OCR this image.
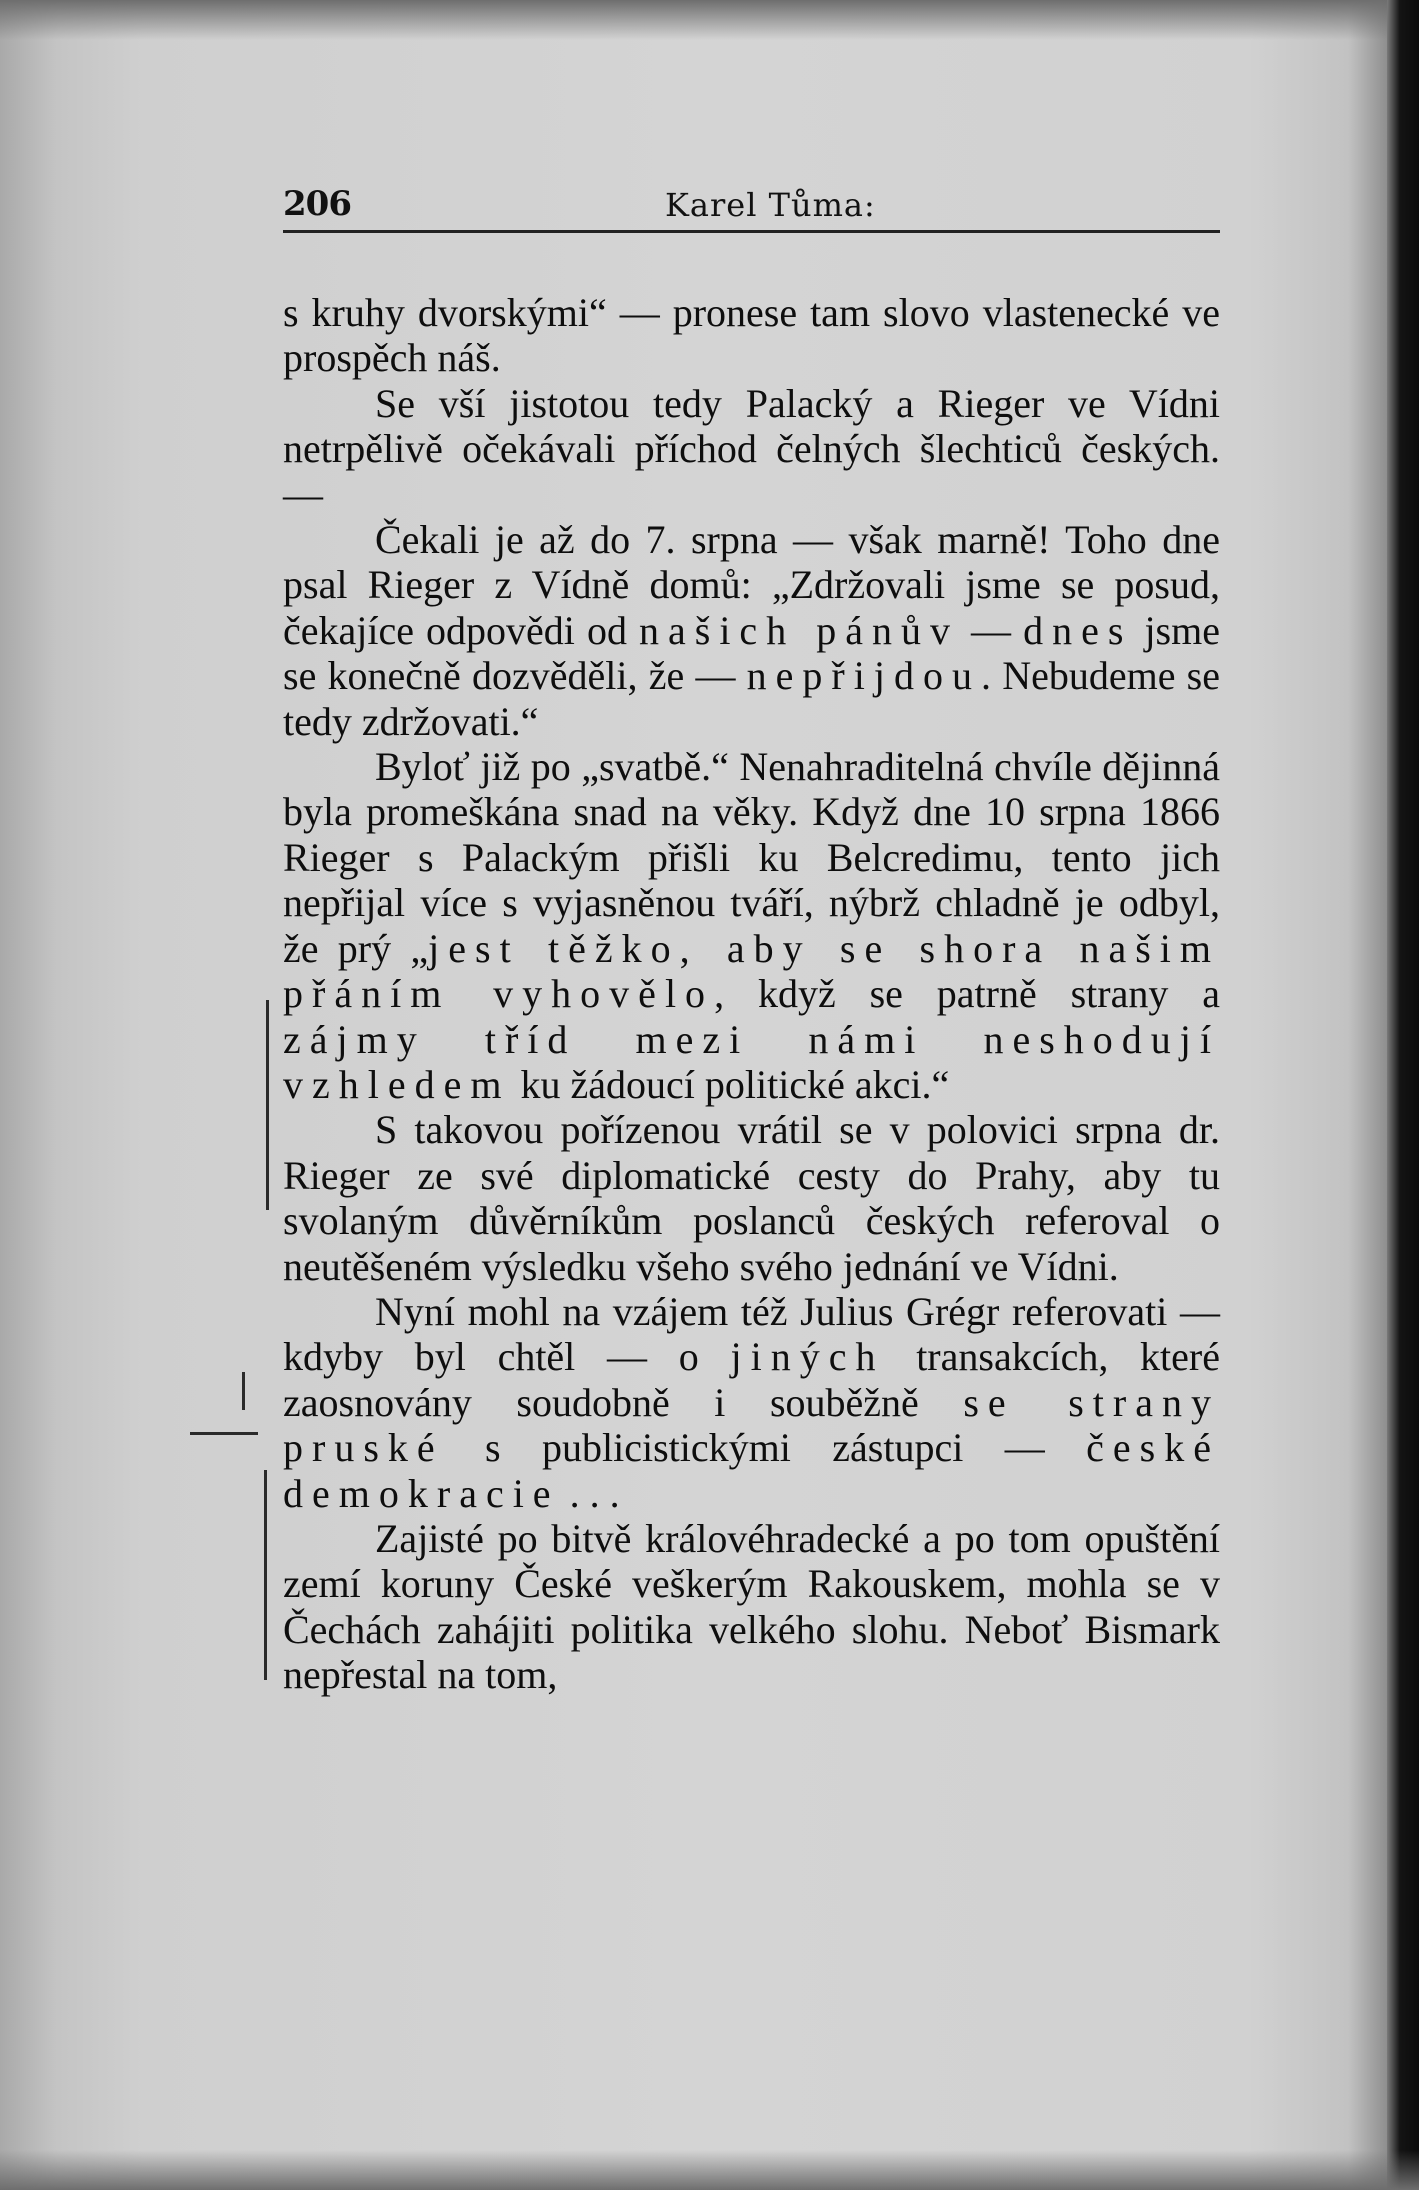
206	Karel Tůma:

s kruhy dvorskými“ — pronese tam slovo vlastenecké ve prospěch náš.

Se vší jistotou tedy Palacký a Rieger ve Vídni netrpělivě očekávali příchod čelných šlechticů českých. —

Čekali je až do 7. srpna — však marně! Toho dne psal Rieger z Vídně domů: „Zdržovali jsme se posud, čekajíce odpovědi od našich pánův — dnes jsme se konečně dozvěděli, že — nepřijdou. Nebudeme se tedy zdržovati.“

Byloť již po „svatbě.“ Nenahraditelná chvíle dějinná byla promeškána snad na věky. Když dne 10 srpna 1866 Rieger s Palackým přišli ku Belcredimu, tento jich nepřijal více s vyjasněnou tváří, nýbrž chladně je odbyl, že prý „jest těžko, aby se shora našim přáním vyhovělo, když se patrně strany a zájmy tříd mezi námi neshodují vzhledem ku žádoucí politické akci.“

S takovou pořízenou vrátil se v polovici srpna dr. Rieger ze své diplomatické cesty do Prahy, aby tu svolaným důvěrníkům poslanců českých referoval o neutěšeném výsledku všeho svého jednání ve Vídni.

Nyní mohl na vzájem též Julius Grégr referovati — kdyby byl chtěl — o jiných transakcích, které zaosnovány soudobně i souběžně se strany pruské s publicistickými zástupci — české demokracie . . .

Zajisté po bitvě královéhradecké a po tom opuštění zemí koruny České veškerým Rakouskem, mohla se v Čechách zahájiti politika velkého slohu. Neboť Bismark nepřestal na tom,
